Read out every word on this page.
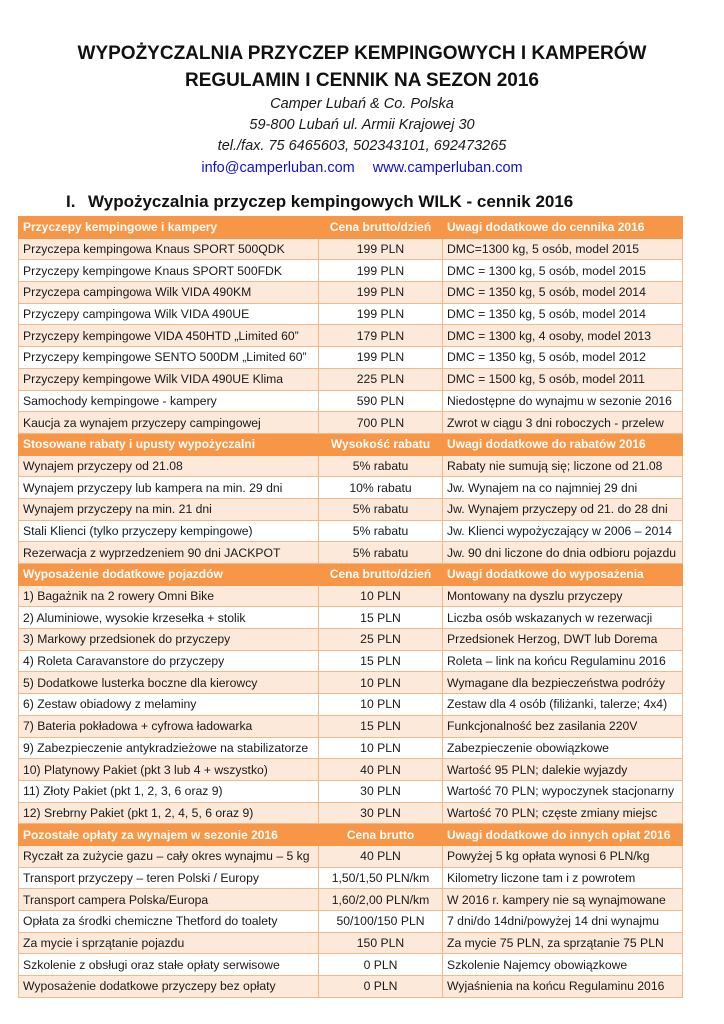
WYPOŻYCZALNIA PRZYCZEP KEMPINGOWYCH I KAMPERÓW

REGULAMIN I CENNIK NA SEZON 2016

Camper Lubań & Co. Polska

59-800 Lubań ul. Armii Krajowej 30

tel./fax. 75 6465603, 502343101, 692473265

info@camperluban.com www.camperluban.com
I. Wypożyczalnia przyczep kempingowych WILK - cennik 2016
Przyczepy kempingowe i kampery	Cena brutto/dzień	Uwagi dodatkowe do cennika 2016
Przyczepa kempingowa Knaus SPORT 500QDK	199 PLN	DMC=1300 kg, 5 osób, model 2015
Przyczepy kempingowe Knaus SPORT 500FDK	199 PLN	DMC = 1300 kg, 5 osób, model 2015
Przyczepa campingowa Wilk VIDA 490KM	199 PLN	DMC = 1350 kg, 5 osób, model 2014
Przyczepy campingowa Wilk VIDA 490UE	199 PLN	DMC = 1350 kg, 5 osób, model 2014
Przyczepy kempingowe VIDA 450HTD „Limited 60”	179 PLN	DMC = 1300 kg, 4 osoby, model 2013
Przyczepy kempingowe SENTO 500DM „Limited 60”	199 PLN	DMC = 1350 kg, 5 osób, model 2012
Przyczepy kempingowe Wilk VIDA 490UE Klima	225 PLN	DMC = 1500 kg, 5 osób, model 2011
Samochody kempingowe - kampery	590 PLN	Niedostępne do wynajmu w sezonie 2016
Kaucja za wynajem przyczepy campingowej	700 PLN	Zwrot w ciągu 3 dni roboczych - przelew
Stosowane rabaty i upusty wypożyczalni	Wysokość rabatu	Uwagi dodatkowe do rabatów 2016
Wynajem przyczepy od 21.08	5% rabatu	Rabaty nie sumują się; liczone od 21.08
Wynajem przyczepy lub kampera na min. 29 dni	10% rabatu	Jw. Wynajem na co najmniej 29 dni
Wynajem przyczepy na min. 21 dni	5% rabatu	Jw. Wynajem przyczepy od 21. do 28 dni
Stali Klienci (tylko przyczepy kempingowe)	5% rabatu	Jw. Klienci wypożyczający w 2006 – 2014
Rezerwacja z wyprzedzeniem 90 dni JACKPOT	5% rabatu	Jw. 90 dni liczone do dnia odbioru pojazdu
Wyposażenie dodatkowe pojazdów	Cena brutto/dzień	Uwagi dodatkowe do wyposażenia
1) Bagażnik na 2 rowery Omni Bike	10 PLN	Montowany na dyszlu przyczepy
2) Aluminiowe, wysokie krzesełka + stolik	15 PLN	Liczba osób wskazanych w rezerwacji
3) Markowy przedsionek do przyczepy	25 PLN	Przedsionek Herzog, DWT lub Dorema
4) Roleta Caravanstore do przyczepy	15 PLN	Roleta – link na końcu Regulaminu 2016
5) Dodatkowe lusterka boczne dla kierowcy	10 PLN	Wymagane dla bezpieczeństwa podróży
6) Zestaw obiadowy z melaminy	10 PLN	Zestaw dla 4 osób (filiżanki, talerze; 4x4)
7) Bateria pokładowa + cyfrowa ładowarka	15 PLN	Funkcjonalność bez zasilania 220V
9) Zabezpieczenie antykradzieżowe na stabilizatorze	10 PLN	Zabezpieczenie obowiązkowe
10) Platynowy Pakiet (pkt 3 lub 4 + wszystko)	40 PLN	Wartość 95 PLN; dalekie wyjazdy
11) Złoty Pakiet (pkt 1, 2, 3, 6 oraz 9)	30 PLN	Wartość 70 PLN; wypoczynek stacjonarny
12) Srebrny Pakiet (pkt 1, 2, 4, 5, 6 oraz 9)	30 PLN	Wartość 70 PLN; częste zmiany miejsc
Pozostałe opłaty za wynajem w sezonie 2016	Cena brutto	Uwagi dodatkowe do innych opłat 2016
Ryczałt za zużycie gazu – cały okres wynajmu – 5 kg	40 PLN	Powyżej 5 kg opłata wynosi 6 PLN/kg
Transport przyczepy – teren Polski / Europy	1,50/1,50 PLN/km	Kilometry liczone tam i z powrotem
Transport campera Polska/Europa	1,60/2,00 PLN/km	W 2016 r. kampery nie są wynajmowane
Opłata za środki chemiczne Thetford do toalety	50/100/150 PLN	7 dni/do 14dni/powyżej 14 dni wynajmu
Za mycie i sprzątanie pojazdu	150 PLN	Za mycie 75 PLN, za sprzątanie 75 PLN
Szkolenie z obsługi oraz stałe opłaty serwisowe	0 PLN	Szkolenie Najemcy obowiązkowe
Wyposażenie dodatkowe przyczepy bez opłaty	0 PLN	Wyjaśnienia na końcu Regulaminu 2016
